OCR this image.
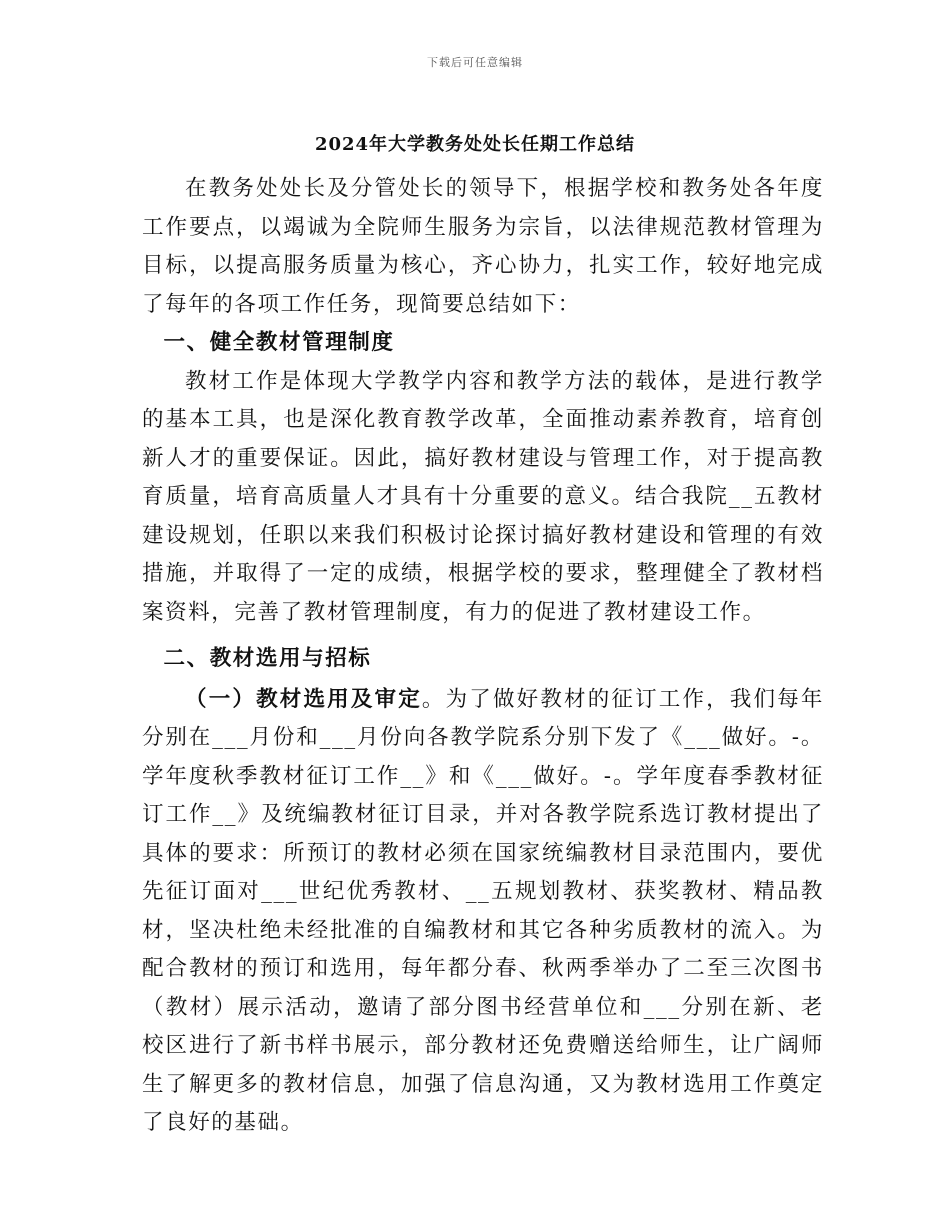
下载后可任意编辑
2024年大学教务处处长任期工作总结

在教务处处长及分管处长的领导下，根据学校和教务处各年度工作要点，以竭诚为全院师生服务为宗旨，以法律规范教材管理为目标，以提高服务质量为核心，齐心协力，扎实工作，较好地完成了每年的各项工作任务，现简要总结如下：

一、健全教材管理制度

教材工作是体现大学教学内容和教学方法的载体，是进行教学的基本工具，也是深化教育教学改革，全面推动素养教育，培育创新人才的重要保证。因此，搞好教材建设与管理工作，对于提高教育质量，培育高质量人才具有十分重要的意义。结合我院__五教材建设规划，任职以来我们积极讨论探讨搞好教材建设和管理的有效措施，并取得了一定的成绩，根据学校的要求，整理健全了教材档案资料，完善了教材管理制度，有力的促进了教材建设工作。

二、教材选用与招标

（一）教材选用及审定。为了做好教材的征订工作，我们每年分别在___月份和___月份向各教学院系分别下发了《___做好。-。学年度秋季教材征订工作__》和《___做好。-。学年度春季教材征订工作__》及统编教材征订目录，并对各教学院系选订教材提出了具体的要求：所预订的教材必须在国家统编教材目录范围内，要优先征订面对___世纪优秀教材、__五规划教材、获奖教材、精品教材，坚决杜绝未经批准的自编教材和其它各种劣质教材的流入。为配合教材的预订和选用，每年都分春、秋两季举办了二至三次图书（教材）展示活动，邀请了部分图书经营单位和___分别在新、老校区进行了新书样书展示，部分教材还免费赠送给师生，让广阔师生了解更多的教材信息，加强了信息沟通，又为教材选用工作奠定了良好的基础。
